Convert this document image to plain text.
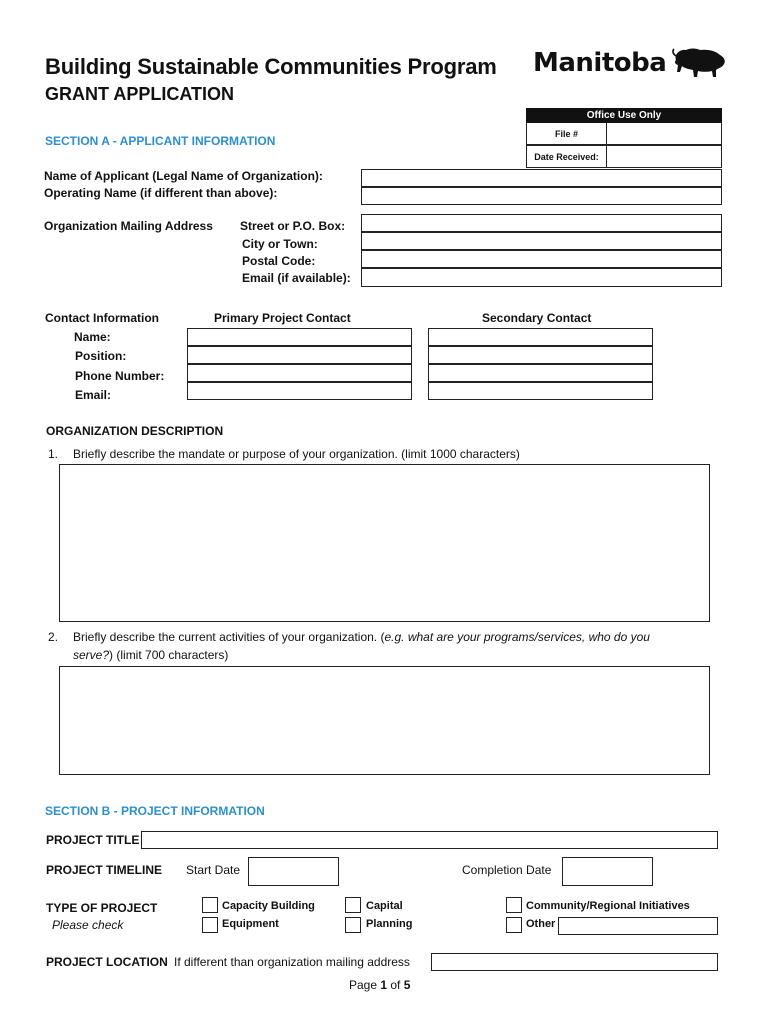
Building Sustainable Communities Program
GRANT APPLICATION
Manitoba
Office Use Only
File #
Date Received:
SECTION A - APPLICANT INFORMATION
Name of Applicant (Legal Name of Organization):
Operating Name (if different than above):
Organization Mailing Address Street or P.O. Box:
City or Town:
Postal Code:
Email (if available):
Contact Information	Primary Project Contact	Secondary Contact
Name:
Position:
Phone Number:
Email:
ORGANIZATION DESCRIPTION
1. Briefly describe the mandate or purpose of your organization. (limit 1000 characters)
2. Briefly describe the current activities of your organization. (e.g. what are your programs/services, who do you
serve?) (limit 700 characters)
SECTION B - PROJECT INFORMATION
PROJECT TITLE
PROJECT TIMELINE Start Date	Completion Date
TYPE OF PROJECT
Please check
Capacity Building
Equipment
Capital
Planning
Community/Regional Initiatives
Other
PROJECT LOCATION If different than organization mailing address
Page 1 of 5
